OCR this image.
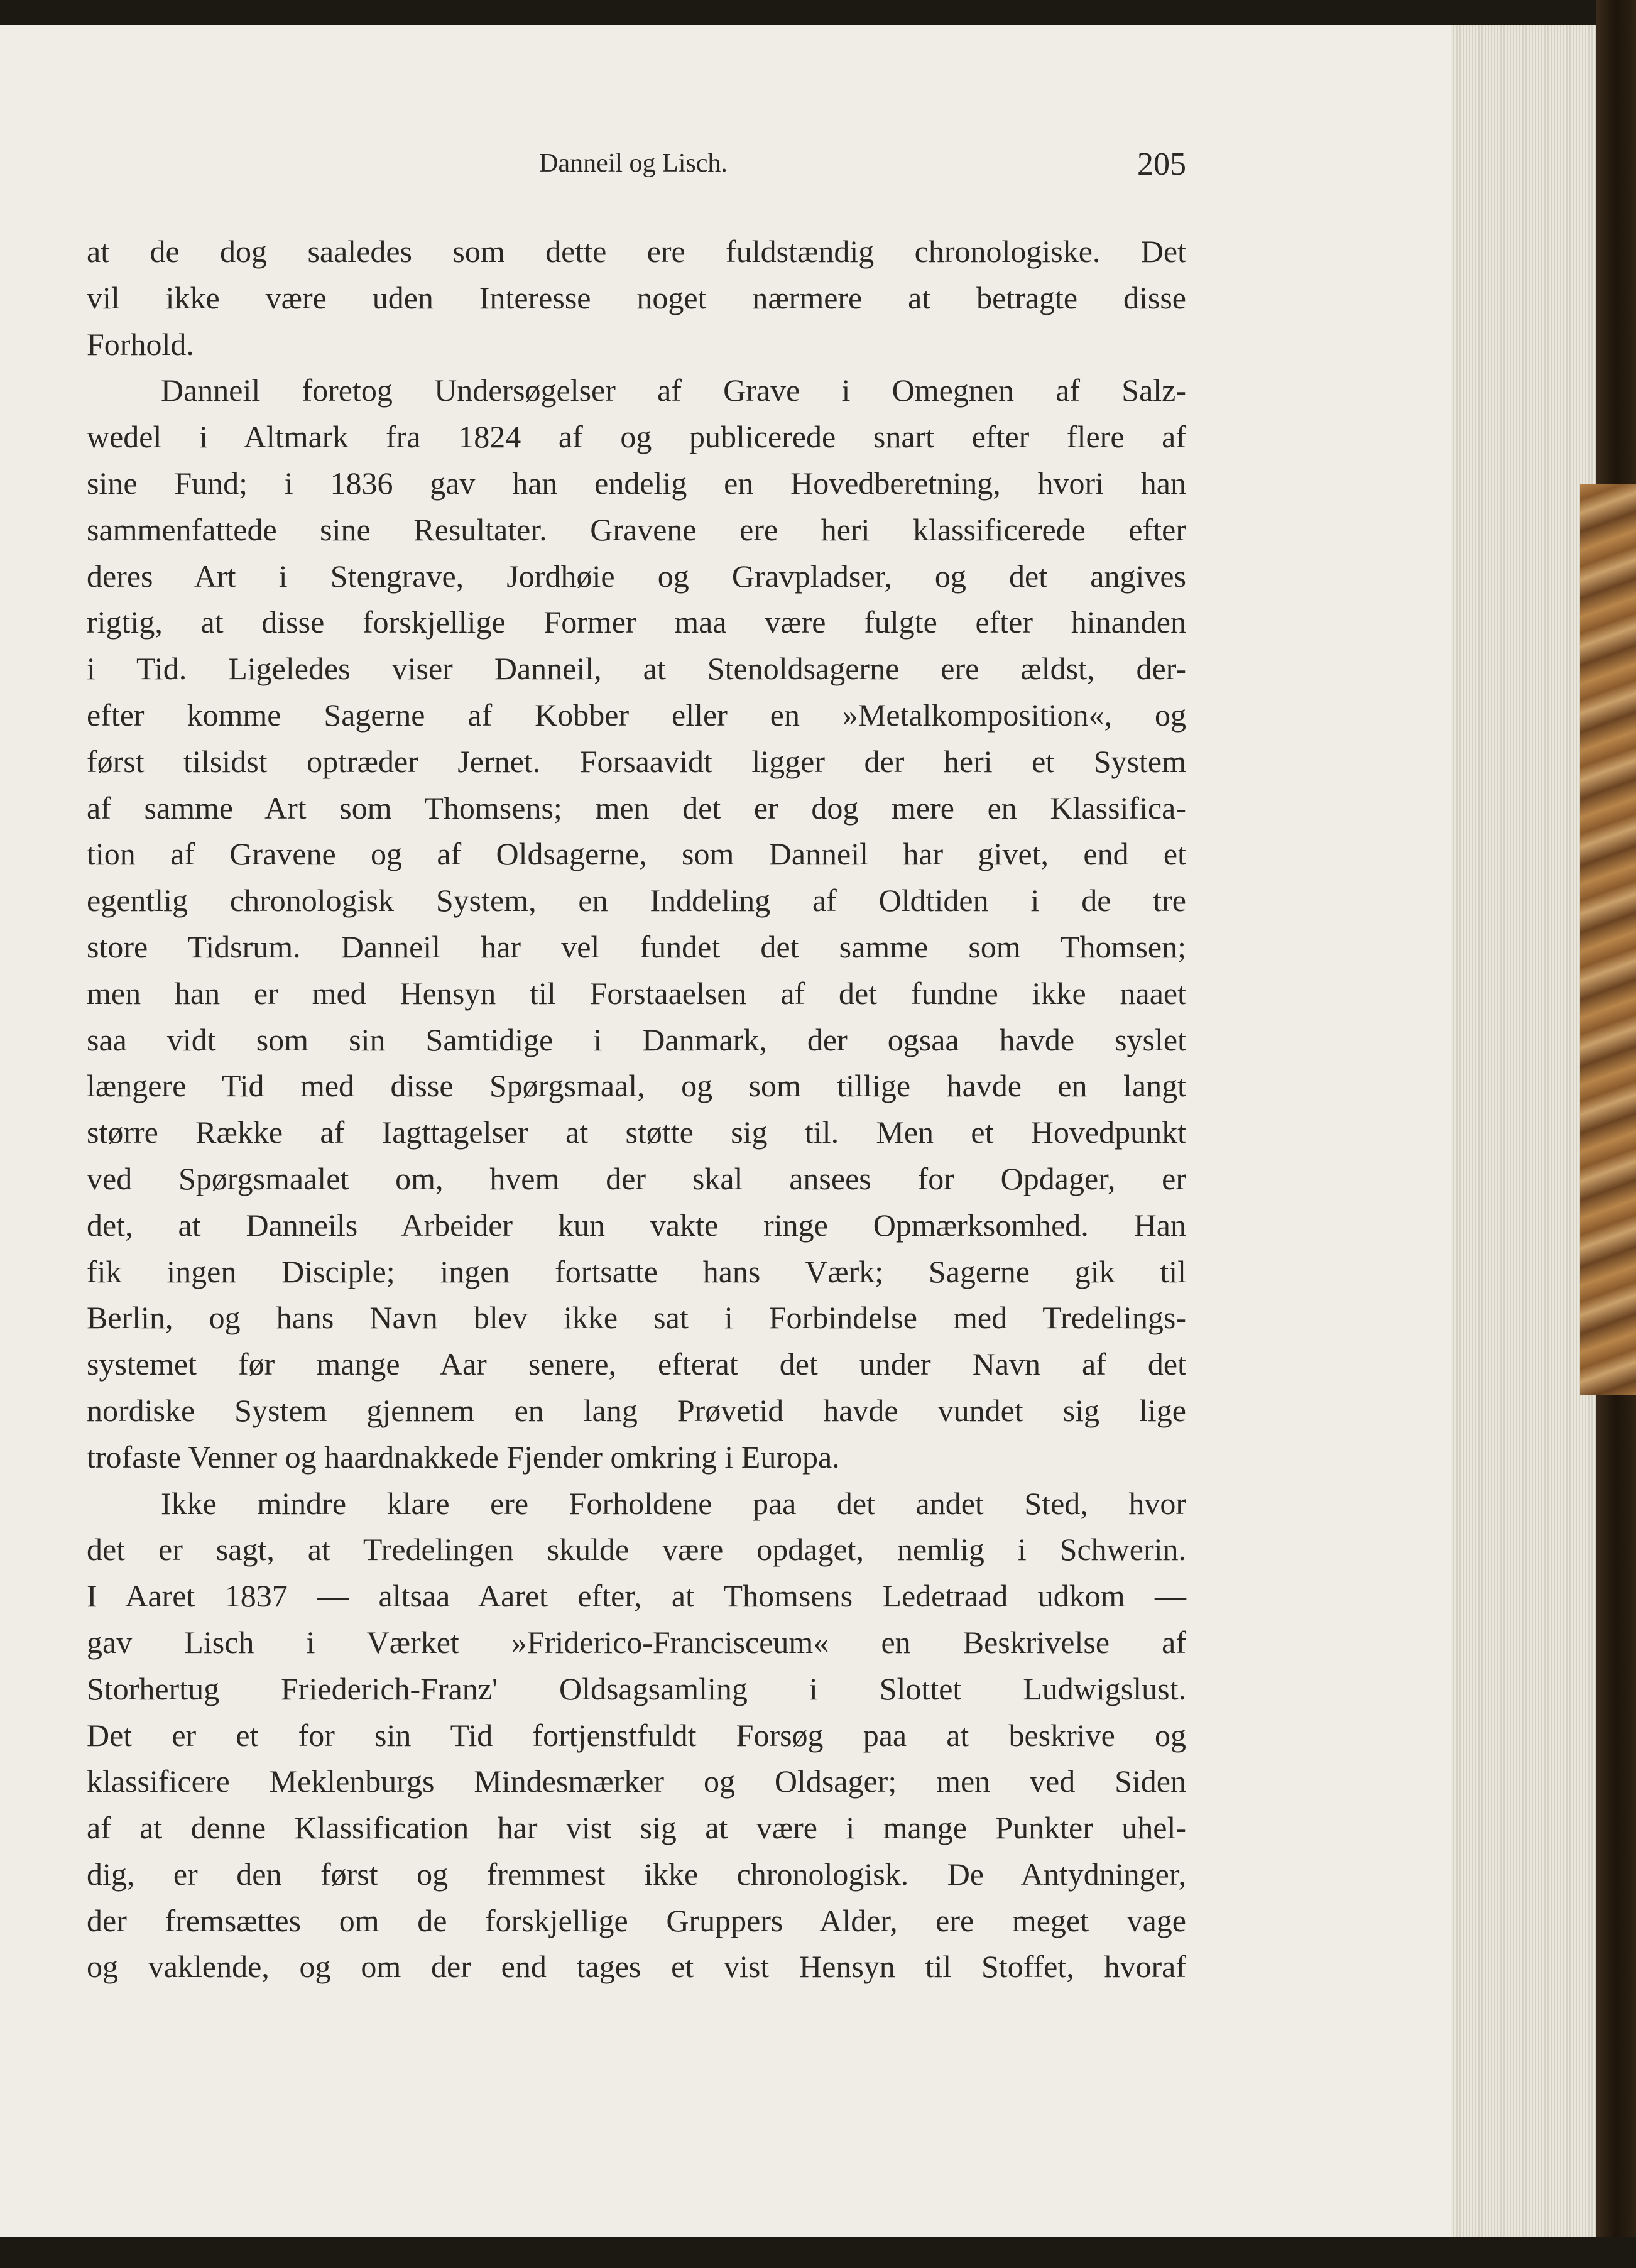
Danneil og Lisch.	205
at de dog saaledes som dette ere fuldstændig chronologiske. Det
vil ikke være uden Interesse noget nærmere at betragte disse
Forhold.
Danneil foretog Undersøgelser af Grave i Omegnen af Salz-
wedel i Altmark fra 1824 af og publicerede snart efter flere af
sine Fund; i 1836 gav han endelig en Hovedberetning, hvori han
sammenfattede sine Resultater. Gravene ere heri klassificerede efter
deres Art i Stengrave, Jordhøie og Gravpladser, og det angives
rigtig, at disse forskjellige Former maa være fulgte efter hinanden
i Tid. Ligeledes viser Danneil, at Stenoldsagerne ere ældst, der-
efter komme Sagerne af Kobber eller en »Metalkomposition«, og
først tilsidst optræder Jernet. Forsaavidt ligger der heri et System
af samme Art som Thomsens; men det er dog mere en Klassifica-
tion af Gravene og af Oldsagerne, som Danneil har givet, end et
egentlig chronologisk System, en Inddeling af Oldtiden i de tre
store Tidsrum. Danneil har vel fundet det samme som Thomsen;
men han er med Hensyn til Forstaaelsen af det fundne ikke naaet
saa vidt som sin Samtidige i Danmark, der ogsaa havde syslet
længere Tid med disse Spørgsmaal, og som tillige havde en langt
større Række af Iagttagelser at støtte sig til. Men et Hovedpunkt
ved Spørgsmaalet om, hvem der skal ansees for Opdager, er
det, at Danneils Arbeider kun vakte ringe Opmærksomhed. Han
fik ingen Disciple; ingen fortsatte hans Værk; Sagerne gik til
Berlin, og hans Navn blev ikke sat i Forbindelse med Tredelings-
systemet før mange Aar senere, efterat det under Navn af det
nordiske System gjennem en lang Prøvetid havde vundet sig lige
trofaste Venner og haardnakkede Fjender omkring i Europa.
Ikke mindre klare ere Forholdene paa det andet Sted, hvor
det er sagt, at Tredelingen skulde være opdaget, nemlig i Schwerin.
I Aaret 1837 — altsaa Aaret efter, at Thomsens Ledetraad udkom —
gav Lisch i Værket »Friderico-Francisceum« en Beskrivelse af
Storhertug Friederich-Franz' Oldsagsamling i Slottet Ludwigslust.
Det er et for sin Tid fortjenstfuldt Forsøg paa at beskrive og
klassificere Meklenburgs Mindesmærker og Oldsager; men ved Siden
af at denne Klassification har vist sig at være i mange Punkter uhel-
dig, er den først og fremmest ikke chronologisk. De Antydninger,
der fremsættes om de forskjellige Gruppers Alder, ere meget vage
og vaklende, og om der end tages et vist Hensyn til Stoffet, hvoraf
